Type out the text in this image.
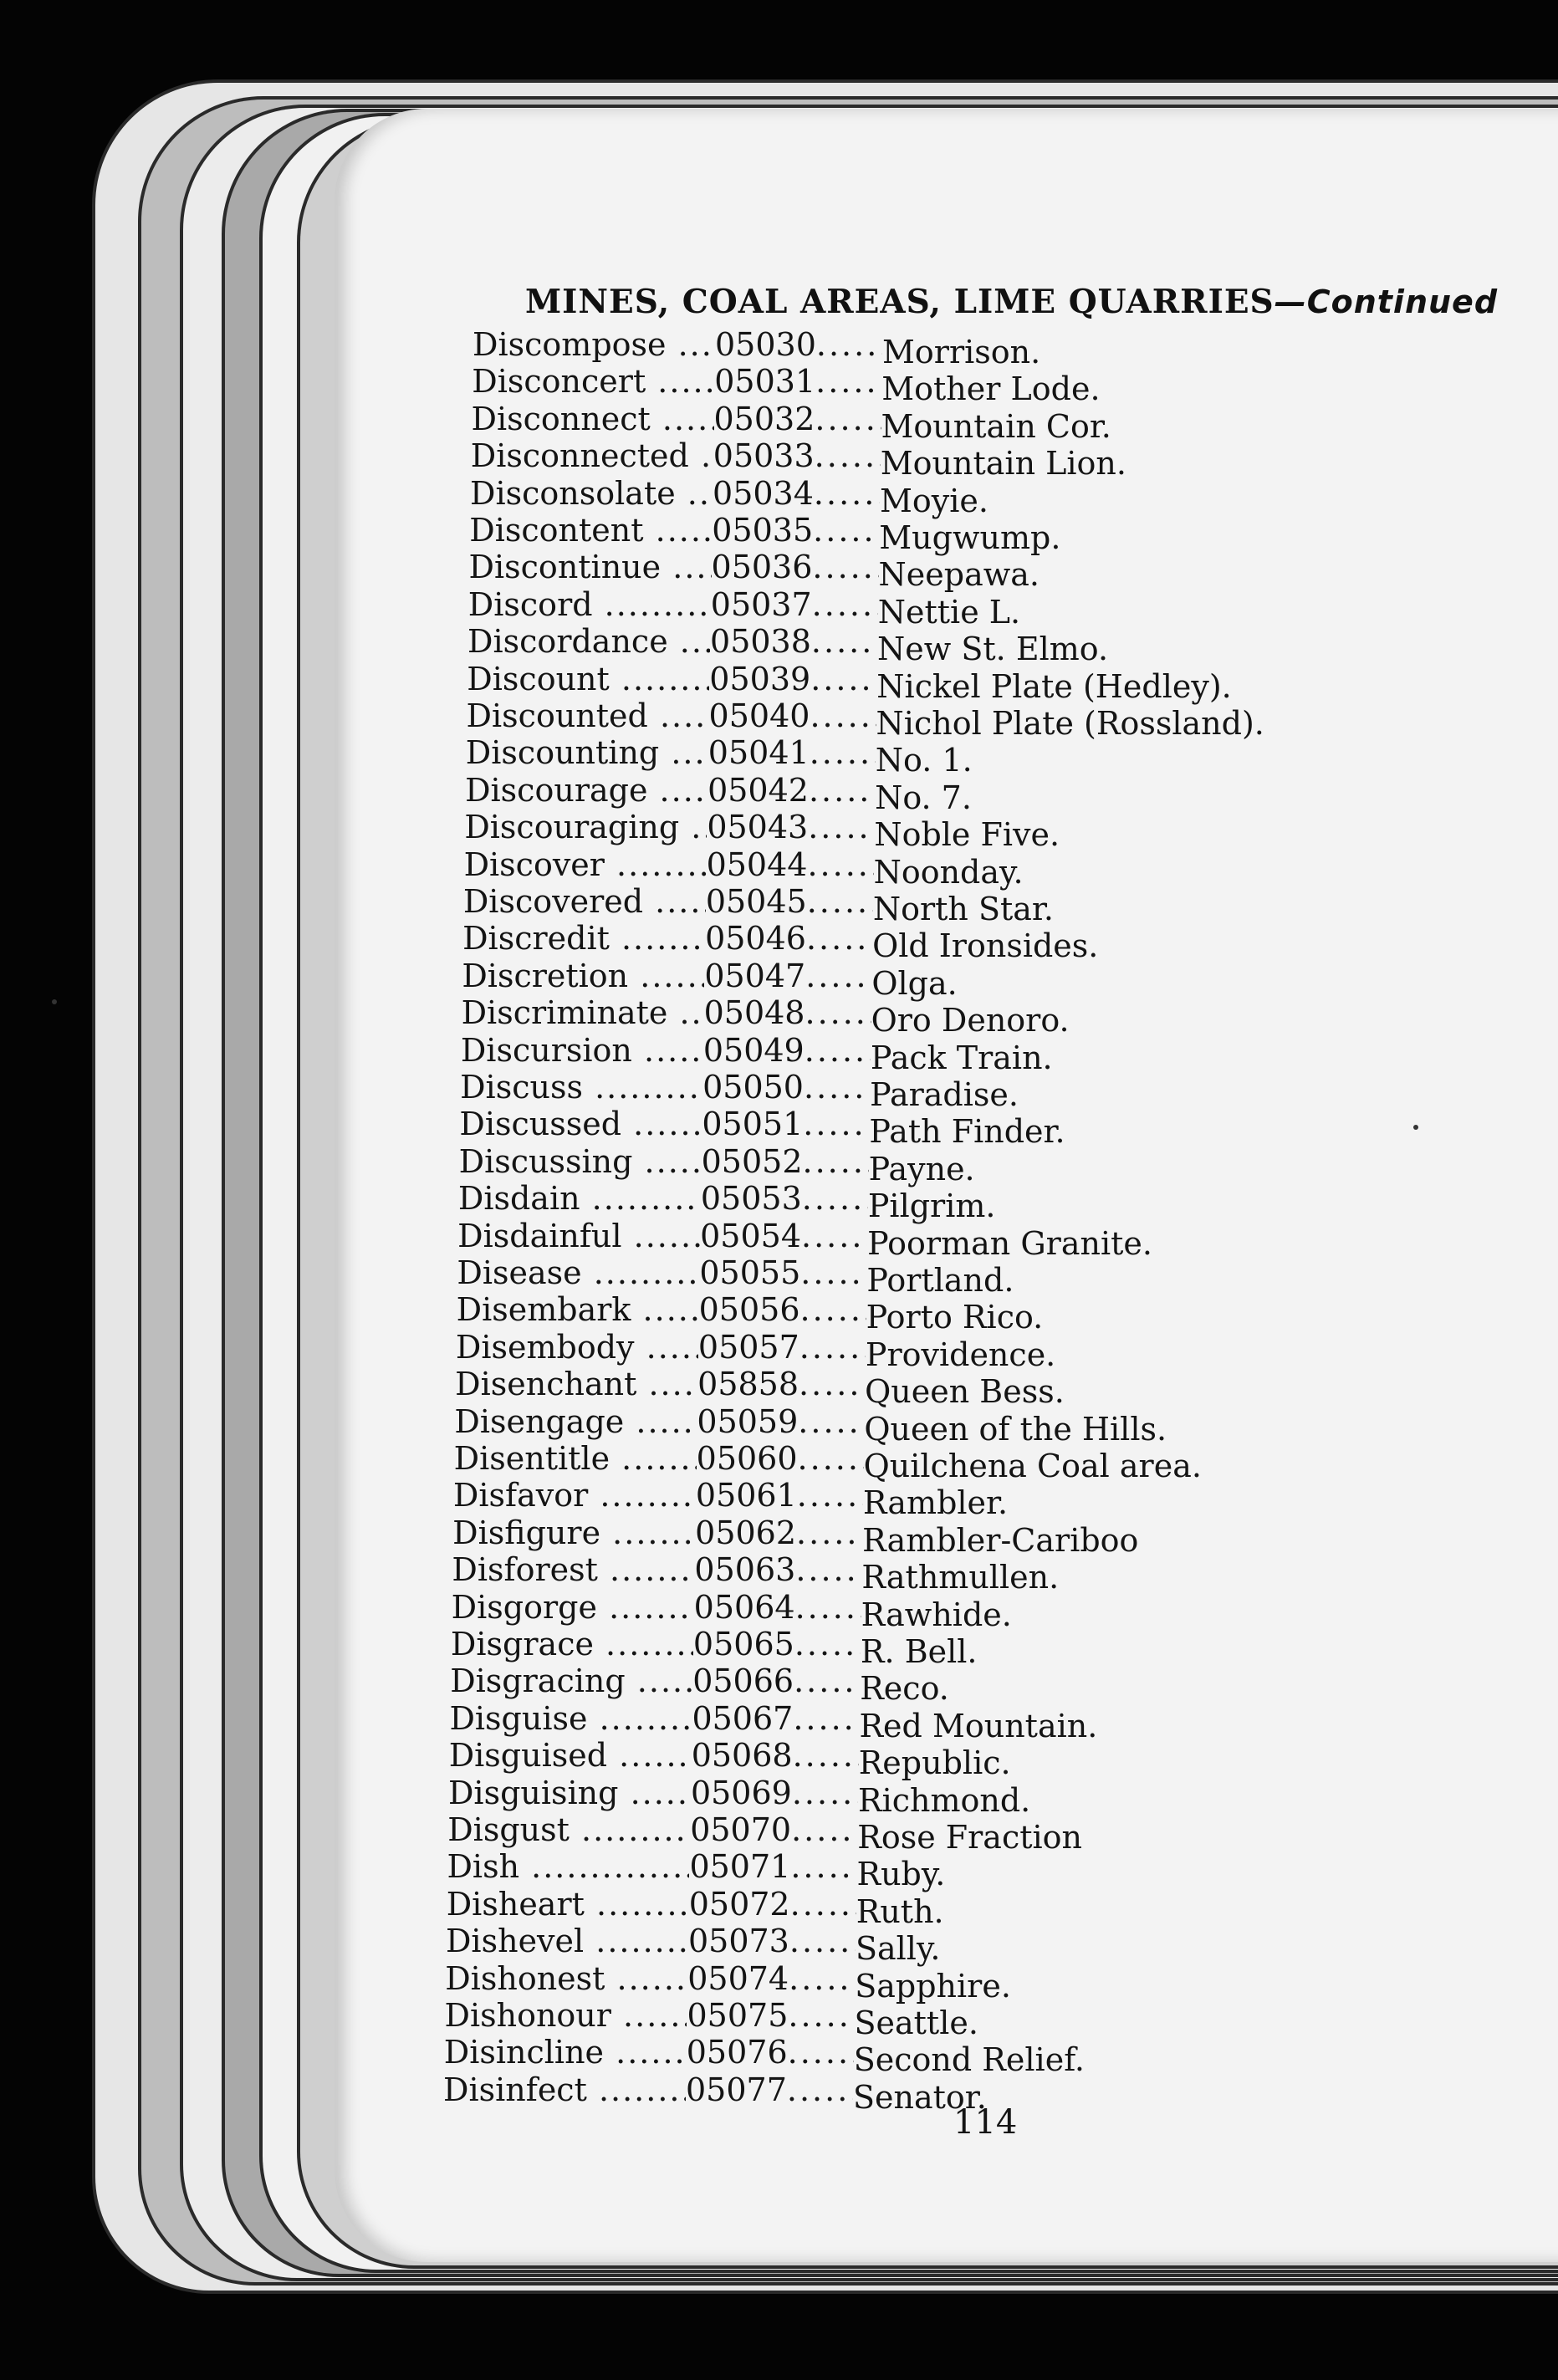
MINES, COAL AREAS, LIME QUARRIES—Continued
Discompose ..... 05030 ..... Morrison.
Disconcert ..... 05031 ..... Mother Lode.
Disconnect ..... 05032 ..... Mountain Cor.
Disconnected ..... 05033 ..... Mountain Lion.
Disconsolate ..... 05034 ..... Moyie.
Discontent ..... 05035 ..... Mugwump.
Discontinue ..... 05036 ..... Neepawa.
Discord .....	05037 ..... Nettie L.
Discordance ..... 05038 ..... New St. Elmo.
Discount .....	05039 ..... Nickel Plate (Hedley).
Discounted ..... 05040 ..... Nichol Plate (Rossland).
Discounting ..... 05041 ..... No. 1.
Discourage ..... 05042 ..... No. 7.
Discouraging ..... 05043 ..... Noble Five.
Discover .....	05044 ..... Noonday.
Discovered ..... 05045 ..... North Star.
Discredit .....	05046 ..... Old Ironsides.
Discretion ..... 05047 ..... Olga.
Discriminate ..... 05048 ..... Oro Denoro.
Discursion ..... 05049 ..... Pack Train.
Discuss .....	05050 ..... Paradise.
Discussed .....	05051 ..... Path Finder.
Discussing ..... 05052 ..... Payne.
Disdain .....	05053 ..... Pilgrim.
Disdainful ..... 05054 ..... Poorman Granite.
Disease .....	05055 ..... Portland.
Disembark ..... 05056 ..... Porto Rico.
Disembody ..... 05057 ..... Providence.
Disenchant ..... 05858 ..... Queen Bess.
Disengage ..... 05059 ..... Queen of the Hills.
Disentitle .....	05060 ..... Quilchena Coal area.
Disfavor .....	05061 ..... Rambler.
Disfigure .....	05062 ..... Rambler-Cariboo
Disforest .....	05063 ..... Rathmullen.
Disgorge .....	05064 ..... Rawhide.
Disgrace .....	05065 ..... R. Bell.
Disgracing ..... 05066 ..... Reco.
Disguise .....	05067 ..... Red Mountain.
Disguised .....	05068 ..... Republic.
Disguising ..... 05069 ..... Richmond.
Disgust .....	05070 ..... Rose Fraction
Dish .....	05071 ..... Ruby.
Disheart .....	05072 ..... Ruth.
Dishevel .....	05073 ..... Sally.
Dishonest .....	05074 ..... Sapphire.
Dishonour ..... 05075 ..... Seattle.
Disincline .....	05076 ..... Second Relief.
Disinfect .....	05077 ..... Senator.
114
